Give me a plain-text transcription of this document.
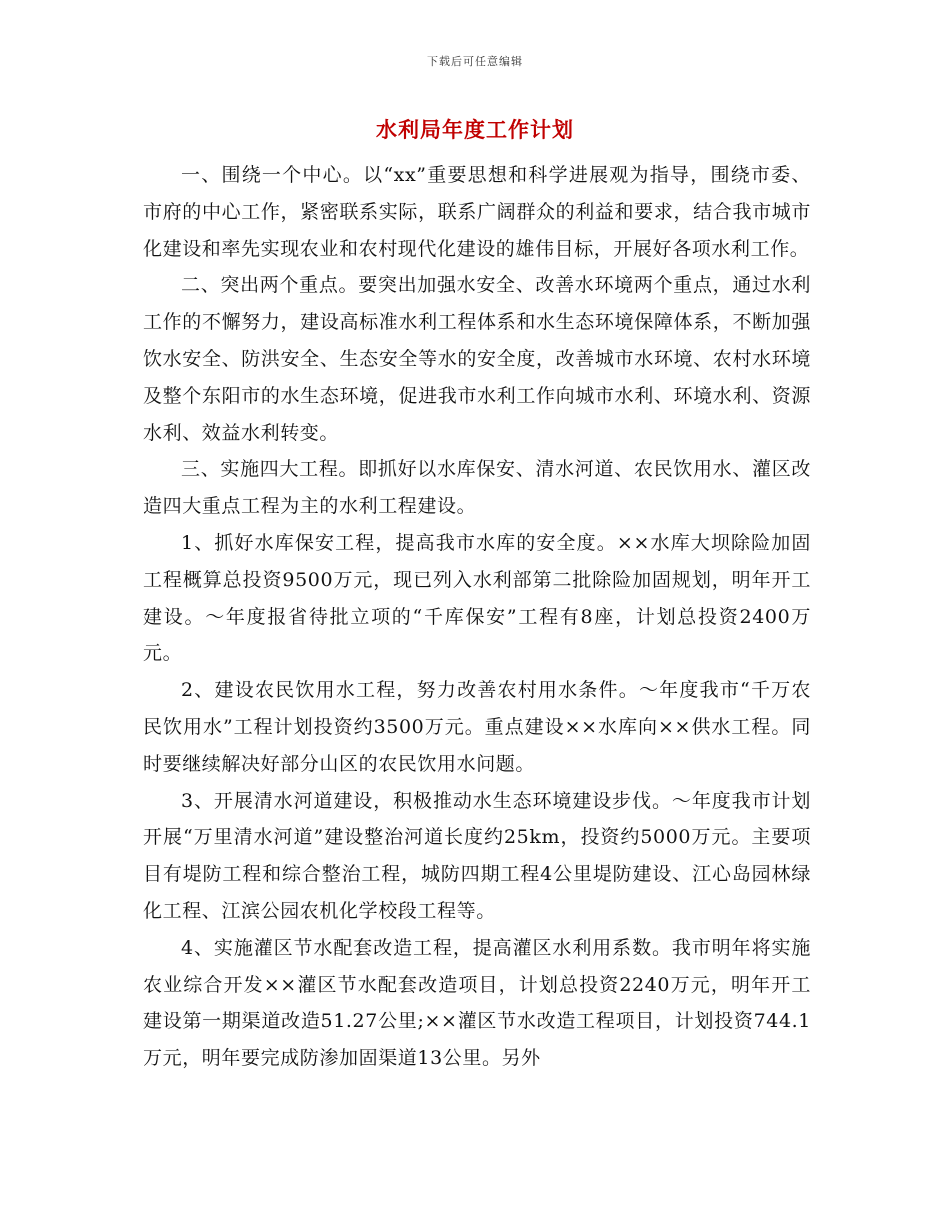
下载后可任意编辑
水利局年度工作计划

一、围绕一个中心。以“xx”重要思想和科学进展观为指导，围绕市委、市府的中心工作，紧密联系实际，联系广阔群众的利益和要求，结合我市城市化建设和率先实现农业和农村现代化建设的雄伟目标，开展好各项水利工作。

二、突出两个重点。要突出加强水安全、改善水环境两个重点，通过水利工作的不懈努力，建设高标准水利工程体系和水生态环境保障体系，不断加强饮水安全、防洪安全、生态安全等水的安全度，改善城市水环境、农村水环境及整个东阳市的水生态环境，促进我市水利工作向城市水利、环境水利、资源水利、效益水利转变。

三、实施四大工程。即抓好以水库保安、清水河道、农民饮用水、灌区改造四大重点工程为主的水利工程建设。

1、抓好水库保安工程，提高我市水库的安全度。××水库大坝除险加固工程概算总投资9500万元，现已列入水利部第二批除险加固规划，明年开工建设。～年度报省待批立项的“千库保安”工程有8座，计划总投资2400万元。

2、建设农民饮用水工程，努力改善农村用水条件。～年度我市“千万农民饮用水”工程计划投资约3500万元。重点建设××水库向××供水工程。同时要继续解决好部分山区的农民饮用水问题。

3、开展清水河道建设，积极推动水生态环境建设步伐。～年度我市计划开展“万里清水河道”建设整治河道长度约25km，投资约5000万元。主要项目有堤防工程和综合整治工程，城防四期工程4公里堤防建设、江心岛园林绿化工程、江滨公园农机化学校段工程等。

4、实施灌区节水配套改造工程，提高灌区水利用系数。我市明年将实施农业综合开发××灌区节水配套改造项目，计划总投资2240万元，明年开工建设第一期渠道改造51.27公里;××灌区节水改造工程项目，计划投资744.1万元，明年要完成防渗加固渠道13公里。另外
